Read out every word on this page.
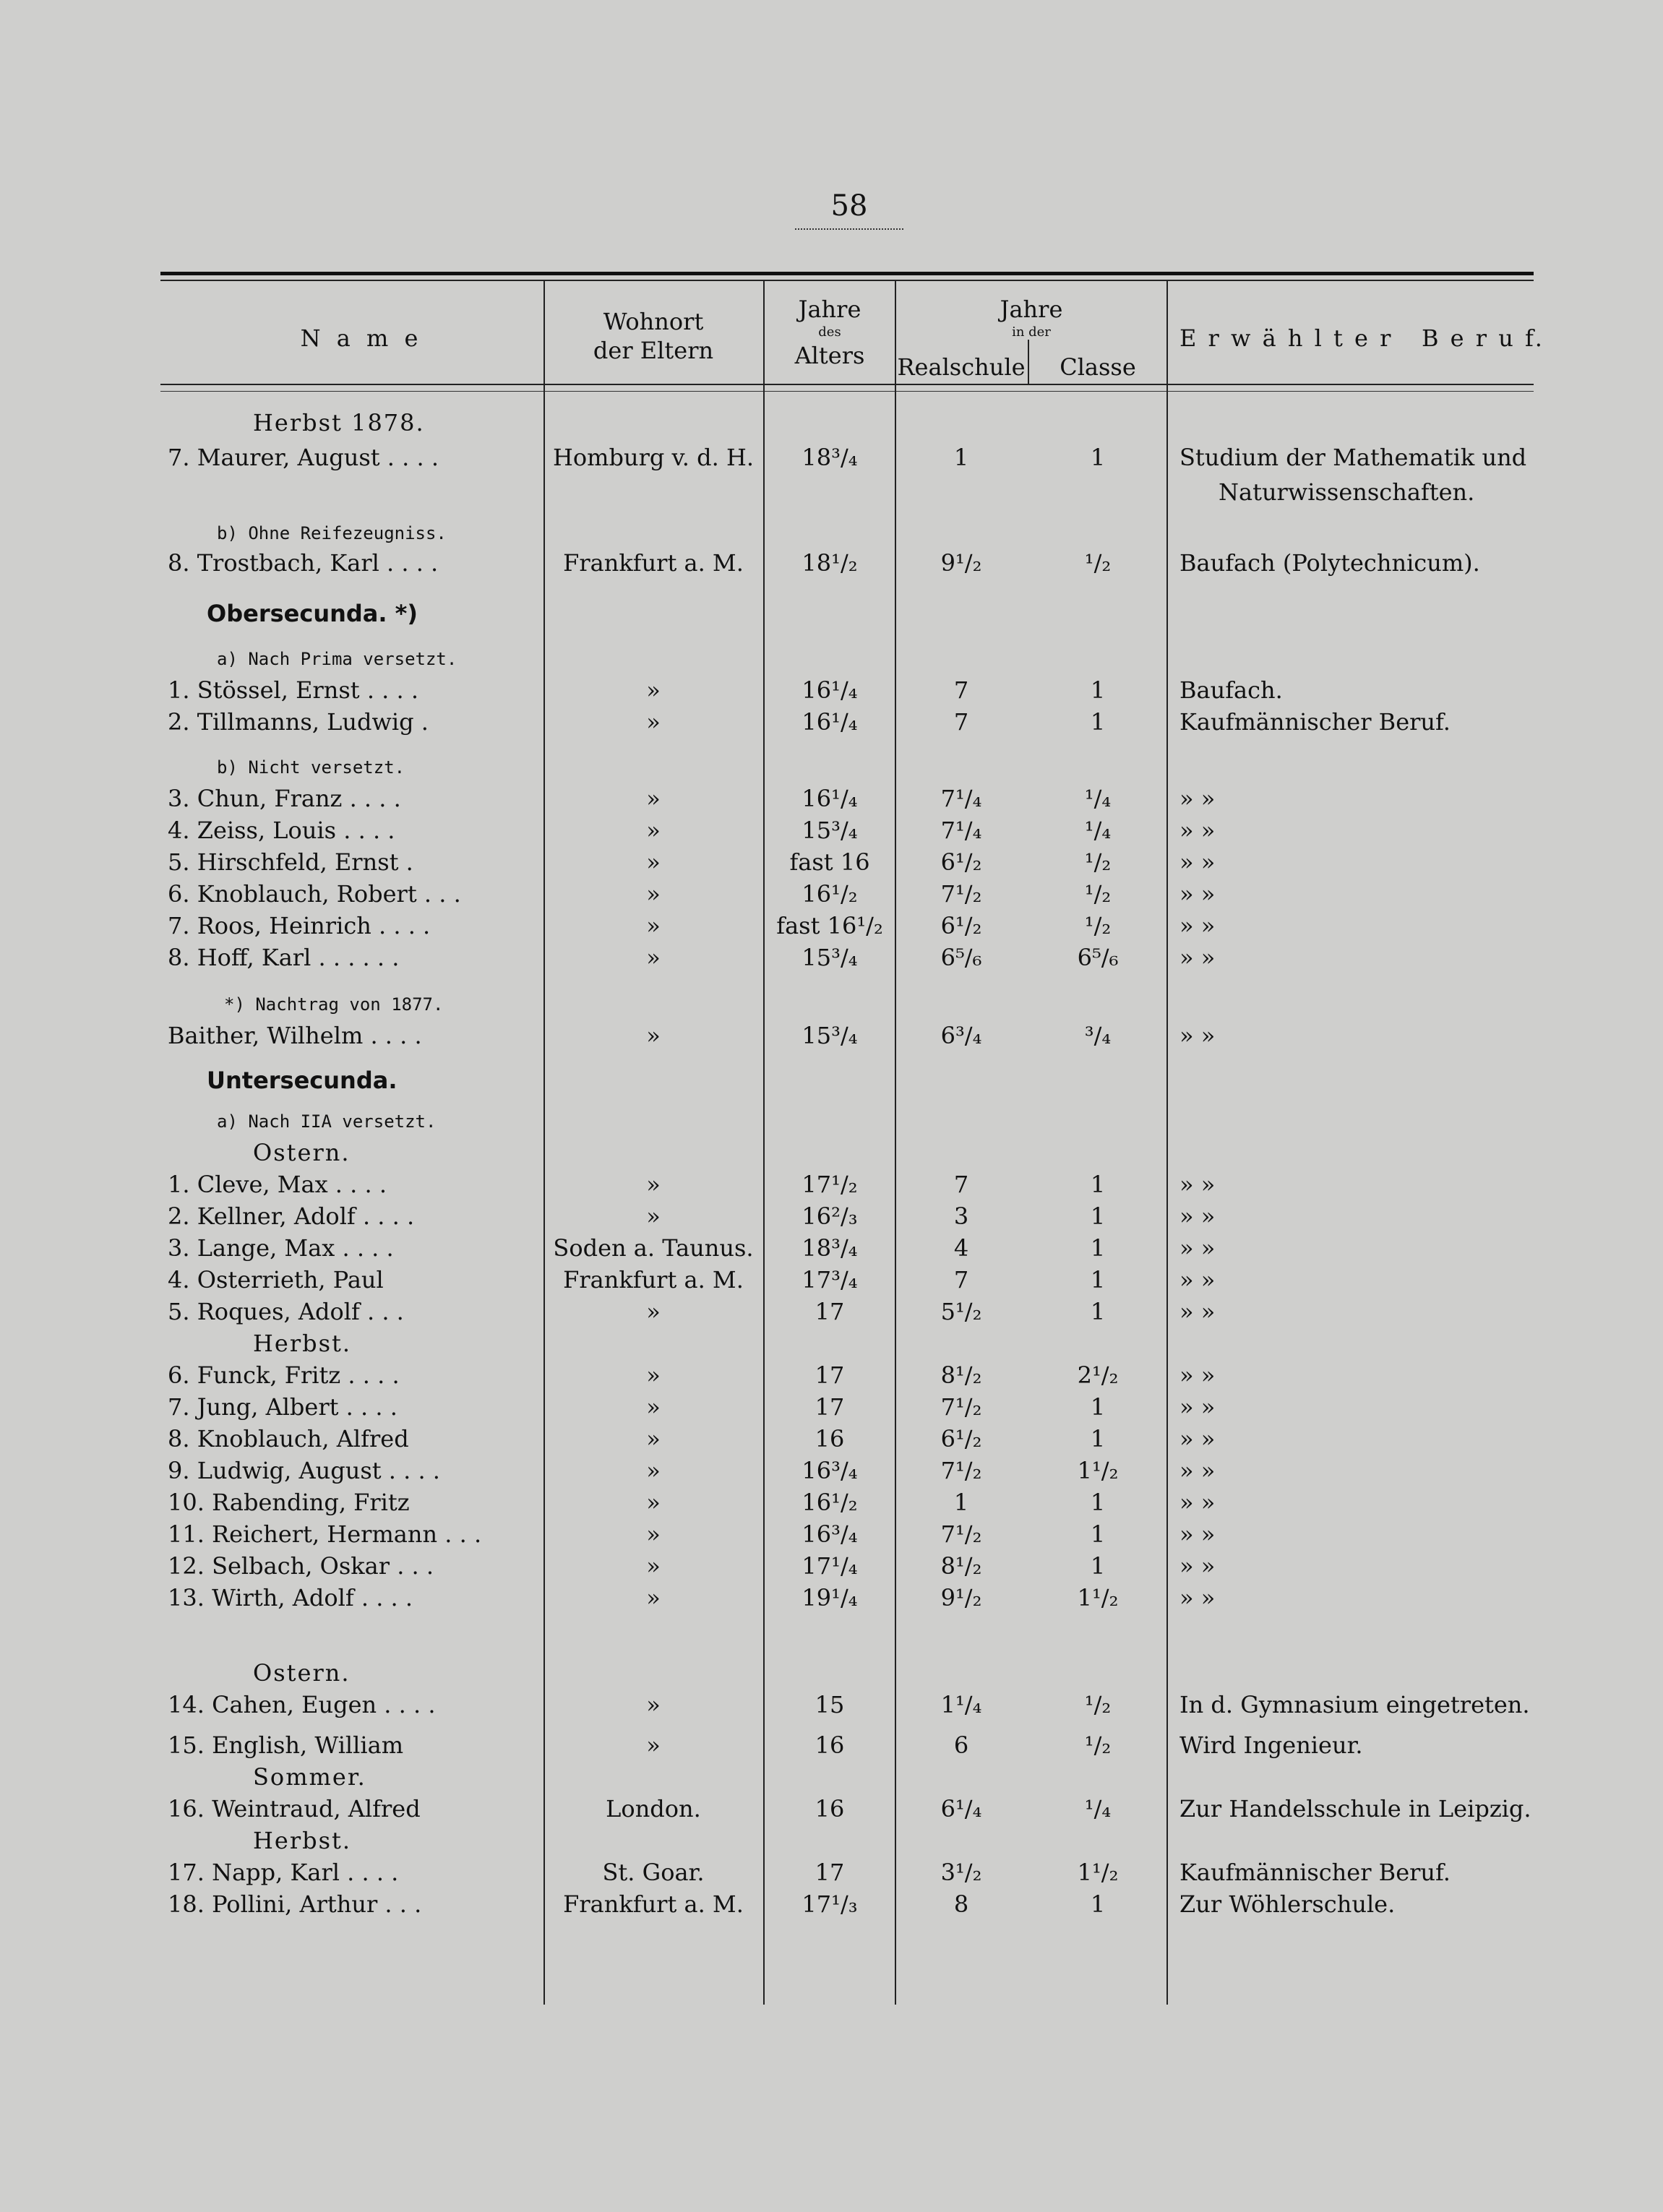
58
N a m e
Wohnort
der Eltern
Jahre
des
Alters
Jahre
in der
Realschule	Classe
E r w ä h l t e r   B e r u f.
Herbst 1878.
7. Maurer, August . . . .	Homburg v. d. H.	18³/₄	1	1	Studium der Mathematik und
Naturwissenschaften.
b) Ohne Reifezeugniss.
8. Trostbach, Karl . . . .	Frankfurt a. M.	18¹/₂	9¹/₂	¹/₂	Baufach (Polytechnicum).
Obersecunda. *)
a) Nach Prima versetzt.
1. Stössel, Ernst . . . .	»	16¹/₄	7	1	Baufach.
2. Tillmanns, Ludwig .	»	16¹/₄	7	1	Kaufmännischer Beruf.
b) Nicht versetzt.
3. Chun, Franz . . . .	»	16¹/₄	7¹/₄	¹/₄	» »
4. Zeiss, Louis . . . .	»	15³/₄	7¹/₄	¹/₄	» »
5. Hirschfeld, Ernst .	»	fast 16	6¹/₂	¹/₂	» »
6. Knoblauch, Robert . . .	»	16¹/₂	7¹/₂	¹/₂	» »
7. Roos, Heinrich . . . .	»	fast 16¹/₂	6¹/₂	¹/₂	» »
8. Hoff, Karl . . . . . .	»	15³/₄	6⁵/₆	6⁵/₆	» »
*) Nachtrag von 1877.
Baither, Wilhelm . . . .	»	15³/₄	6³/₄	³/₄	» »
Untersecunda.
a) Nach IIA versetzt.
Ostern.
1. Cleve, Max . . . .	»	17¹/₂	7	1	» »
2. Kellner, Adolf . . . .	»	16²/₃	3	1	» »
3. Lange, Max . . . .	Soden a. Taunus.	18³/₄	4	1	» »
4. Osterrieth, Paul	Frankfurt a. M.	17³/₄	7	1	» »
5. Roques, Adolf . . .	»	17	5¹/₂	1	» »
Herbst.
6. Funck, Fritz . . . .	»	17	8¹/₂	2¹/₂	» »
7. Jung, Albert . . . .	»	17	7¹/₂	1	» »
8. Knoblauch, Alfred	»	16	6¹/₂	1	» »
9. Ludwig, August . . . .	»	16³/₄	7¹/₂	1¹/₂	» »
10. Rabending, Fritz	»	16¹/₂	1	1	» »
11. Reichert, Hermann . . .	»	16³/₄	7¹/₂	1	» »
12. Selbach, Oskar . . .	»	17¹/₄	8¹/₂	1	» »
13. Wirth, Adolf . . . .	»	19¹/₄	9¹/₂	1¹/₂	» »
Ostern.
14. Cahen, Eugen . . . .	»	15	1¹/₄	¹/₂	In d. Gymnasium eingetreten.
15. English, William	»	16	6	¹/₂	Wird Ingenieur.
Sommer.
16. Weintraud, Alfred	London.	16	6¹/₄	¹/₄	Zur Handelsschule in Leipzig.
Herbst.
17. Napp, Karl . . . .	St. Goar.	17	3¹/₂	1¹/₂	Kaufmännischer Beruf.
18. Pollini, Arthur . . .	Frankfurt a. M.	17¹/₃	8	1	Zur Wöhlerschule.
